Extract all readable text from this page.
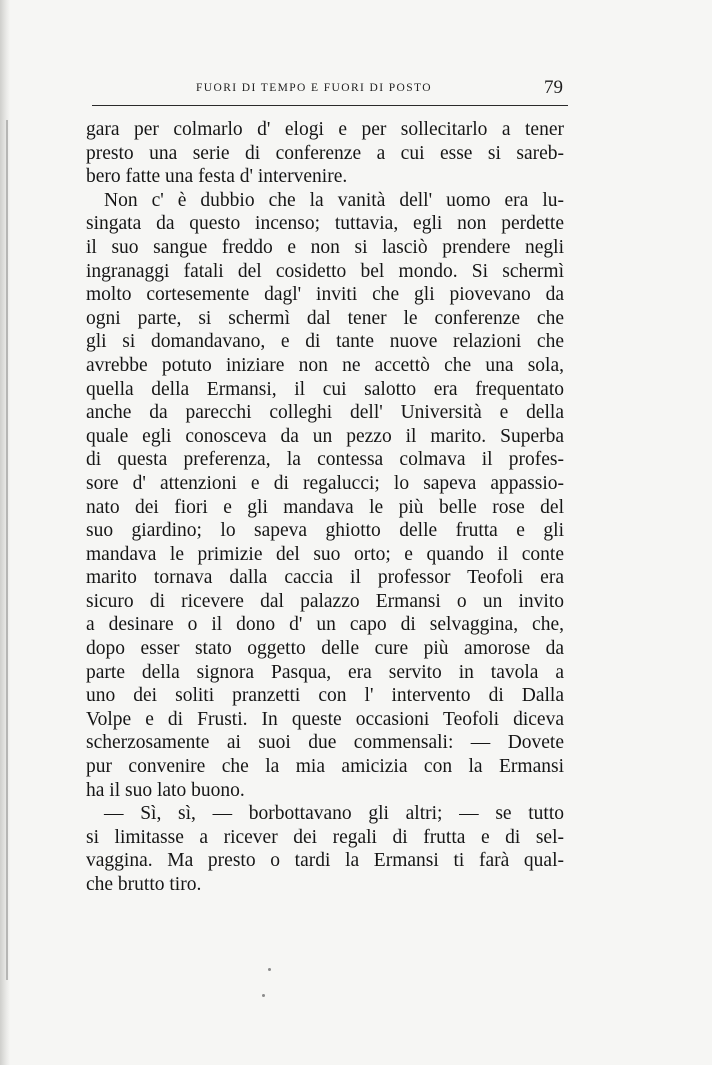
FUORI DI TEMPO E FUORI DI POSTO	79
gara per colmarlo d' elogi e per sollecitarlo a tener
presto una serie di conferenze a cui esse si sareb-
bero fatte una festa d' intervenire.
Non c' è dubbio che la vanità dell' uomo era lu-
singata da questo incenso; tuttavia, egli non perdette
il suo sangue freddo e non si lasciò prendere negli
ingranaggi fatali del cosidetto bel mondo. Si schermì
molto cortesemente dagl' inviti che gli piovevano da
ogni parte, si schermì dal tener le conferenze che
gli si domandavano, e di tante nuove relazioni che
avrebbe potuto iniziare non ne accettò che una sola,
quella della Ermansi, il cui salotto era frequentato
anche da parecchi colleghi dell' Università e della
quale egli conosceva da un pezzo il marito. Superba
di questa preferenza, la contessa colmava il profes-
sore d' attenzioni e di regalucci; lo sapeva appassio-
nato dei fiori e gli mandava le più belle rose del
suo giardino; lo sapeva ghiotto delle frutta e gli
mandava le primizie del suo orto; e quando il conte
marito tornava dalla caccia il professor Teofoli era
sicuro di ricevere dal palazzo Ermansi o un invito
a desinare o il dono d' un capo di selvaggina, che,
dopo esser stato oggetto delle cure più amorose da
parte della signora Pasqua, era servito in tavola a
uno dei soliti pranzetti con l' intervento di Dalla
Volpe e di Frusti. In queste occasioni Teofoli diceva
scherzosamente ai suoi due commensali: — Dovete
pur convenire che la mia amicizia con la Ermansi
ha il suo lato buono.
— Sì, sì, — borbottavano gli altri; — se tutto
si limitasse a ricever dei regali di frutta e di sel-
vaggina. Ma presto o tardi la Ermansi ti farà qual-
che brutto tiro.
